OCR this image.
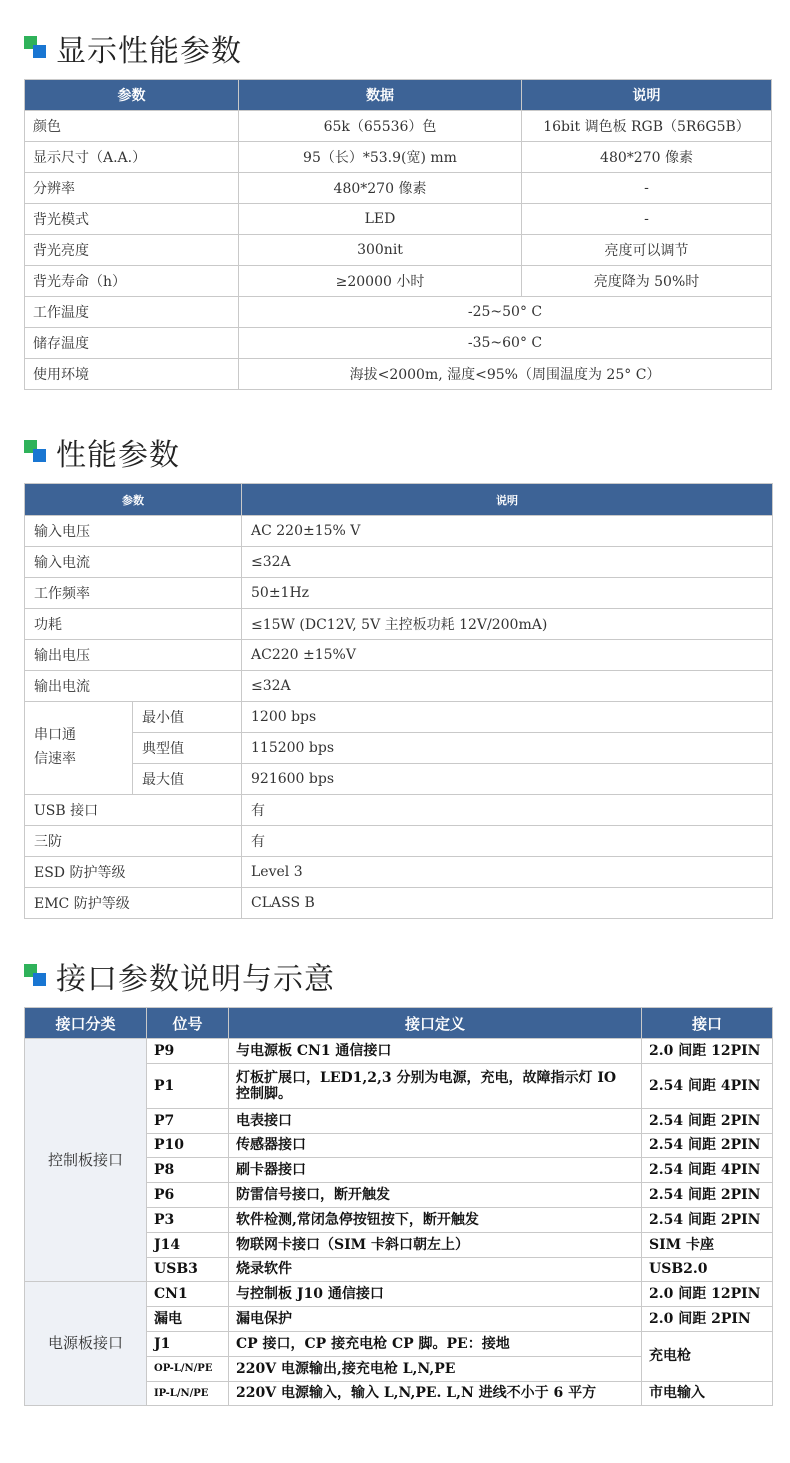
显示性能参数
参数	数据	说明
颜色	65k（65536）色	16bit 调色板 RGB（5R6G5B）
显示尺寸（A.A.）	95（长）*53.9(宽) mm	480*270 像素
分辨率	480*270 像素	-
背光模式	LED	-
背光亮度	300nit	亮度可以调节
背光寿命（h）	≥20000 小时	亮度降为 50%时
工作温度	-25~50° C	
储存温度	-35~60° C	
使用环境	海拔<2000m, 湿度<95%（周围温度为 25° C）	
性能参数
参数		说明
输入电压		AC 220±15% V
输入电流		≤32A
工作频率		50±1Hz
功耗		≤15W (DC12V, 5V 主控板功耗 12V/200mA)
输出电压		AC220 ±15%V
输出电流		≤32A
串口通
信速率	最小值	1200 bps
	典型值	115200 bps
	最大值	921600 bps
USB 接口		有
三防		有
ESD 防护等级		Level 3
EMC 防护等级		CLASS B
接口参数说明与示意
接口分类	位号	接口定义	接口
控制板接口	P9	与电源板 CN1 通信接口	2.0 间距 12PIN
	P1	灯板扩展口，LED1,2,3 分别为电源，充电，故障指示灯 IO 控制脚。	2.54 间距 4PIN
	P7	电表接口	2.54 间距 2PIN
	P10	传感器接口	2.54 间距 2PIN
	P8	刷卡器接口	2.54 间距 4PIN
	P6	防雷信号接口，断开触发	2.54 间距 2PIN
	P3	软件检测,常闭急停按钮按下，断开触发	2.54 间距 2PIN
	J14	物联网卡接口（SIM 卡斜口朝左上）	SIM 卡座
	USB3	烧录软件	USB2.0
电源板接口	CN1	与控制板 J10 通信接口	2.0 间距 12PIN
	漏电	漏电保护	2.0 间距 2PIN
	J1	CP 接口，CP 接充电枪 CP 脚。PE：接地	充电枪
	OP-L/N/PE	220V 电源输出,接充电枪 L,N,PE	
	IP-L/N/PE	220V 电源输入，输入 L,N,PE. L,N 进线不小于 6 平方	市电输入
